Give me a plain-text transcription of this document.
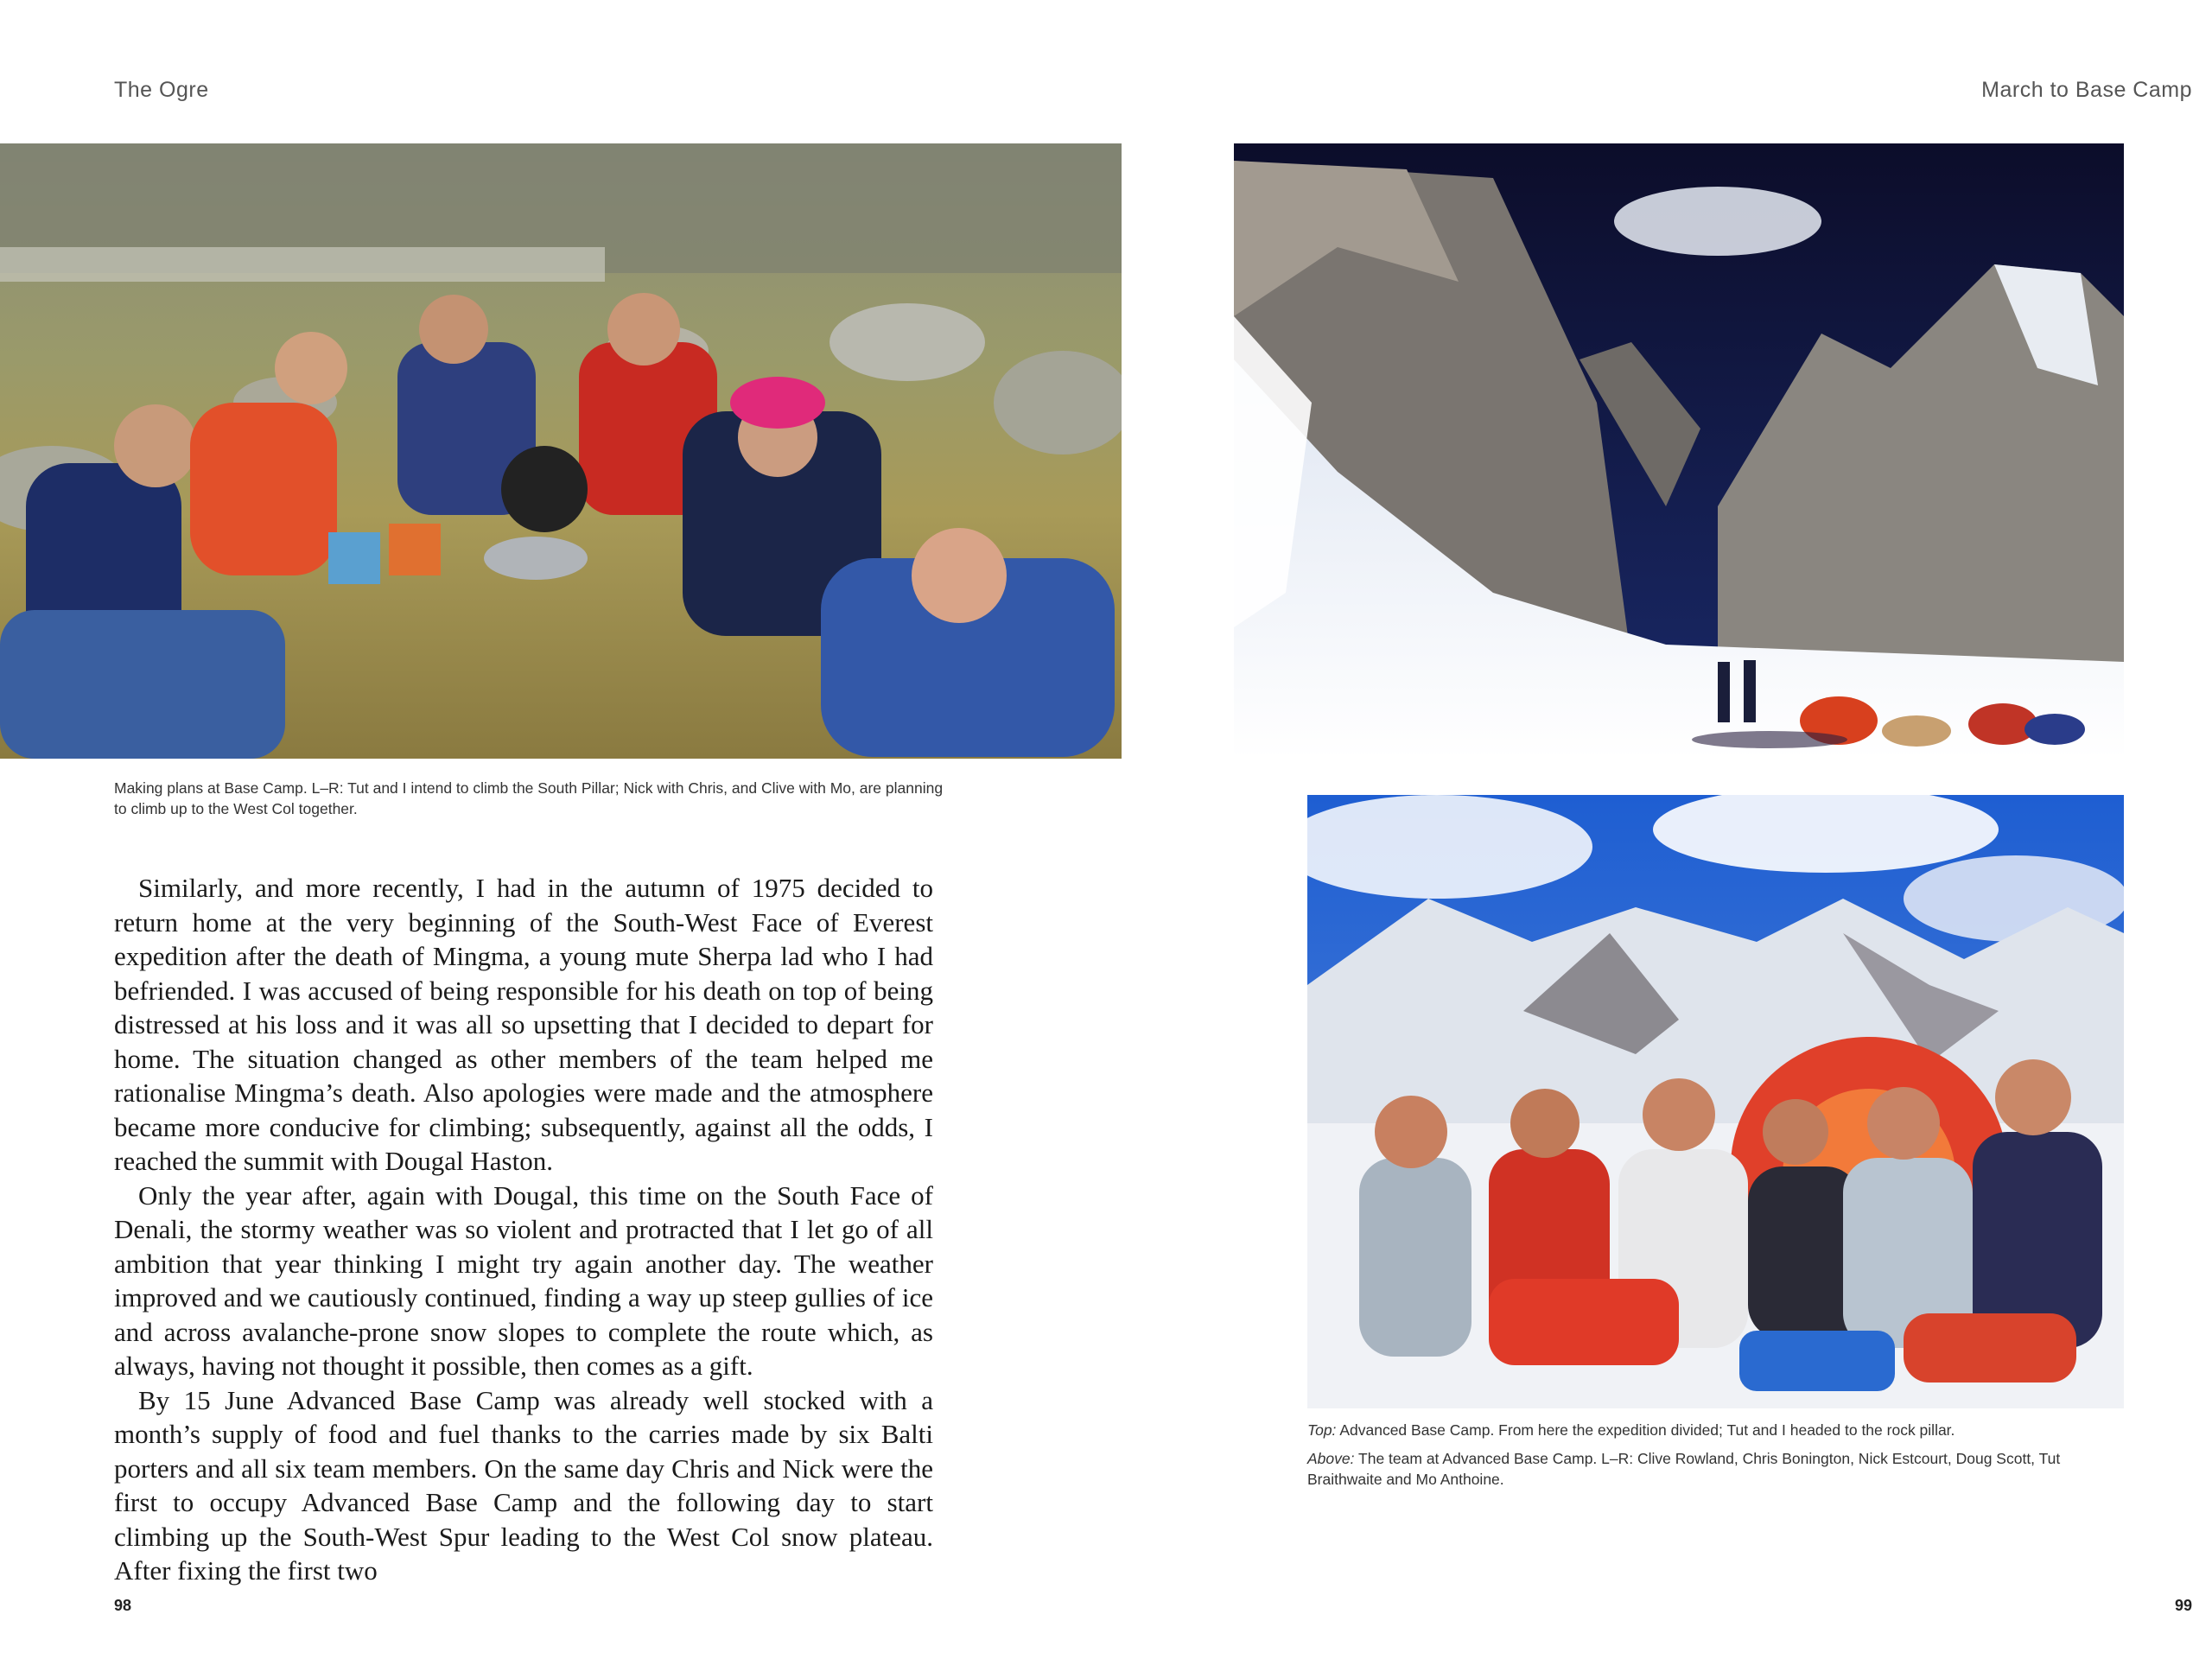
The Ogre
Making plans at Base Camp. L–R: Tut and I intend to climb the South Pillar; Nick with Chris, and Clive with Mo, are planning to climb up to the West Col together.

Similarly, and more recently, I had in the autumn of 1975 decided to return home at the very beginning of the South-West Face of Everest expedition after the death of Mingma, a young mute Sherpa lad who I had befriended. I was accused of being responsible for his death on top of being distressed at his loss and it was all so upsetting that I decided to depart for home. The situation changed as other members of the team helped me rationalise Mingma’s death. Also apologies were made and the atmosphere became more conducive for climbing; subsequently, against all the odds, I reached the summit with Dougal Haston.

Only the year after, again with Dougal, this time on the South Face of Denali, the stormy weather was so violent and protracted that I let go of all ambition that year thinking I might try again another day. The weather improved and we cautiously continued, finding a way up steep gullies of ice and across avalanche-prone snow slopes to complete the route which, as always, having not thought it possible, then comes as a gift.

By 15 June Advanced Base Camp was already well stocked with a month’s supply of food and fuel thanks to the carries made by six Balti porters and all six team members. On the same day Chris and Nick were the first to occupy Advanced Base Camp and the following day to start climbing up the South-West Spur leading to the West Col snow plateau. After fixing the first two

98
March to Base Camp

Top: Advanced Base Camp. From here the expedition divided; Tut and I headed to the rock pillar.

Above: The team at Advanced Base Camp. L–R: Clive Rowland, Chris Bonington, Nick Estcourt, Doug Scott, Tut Braithwaite and Mo Anthoine.

99
